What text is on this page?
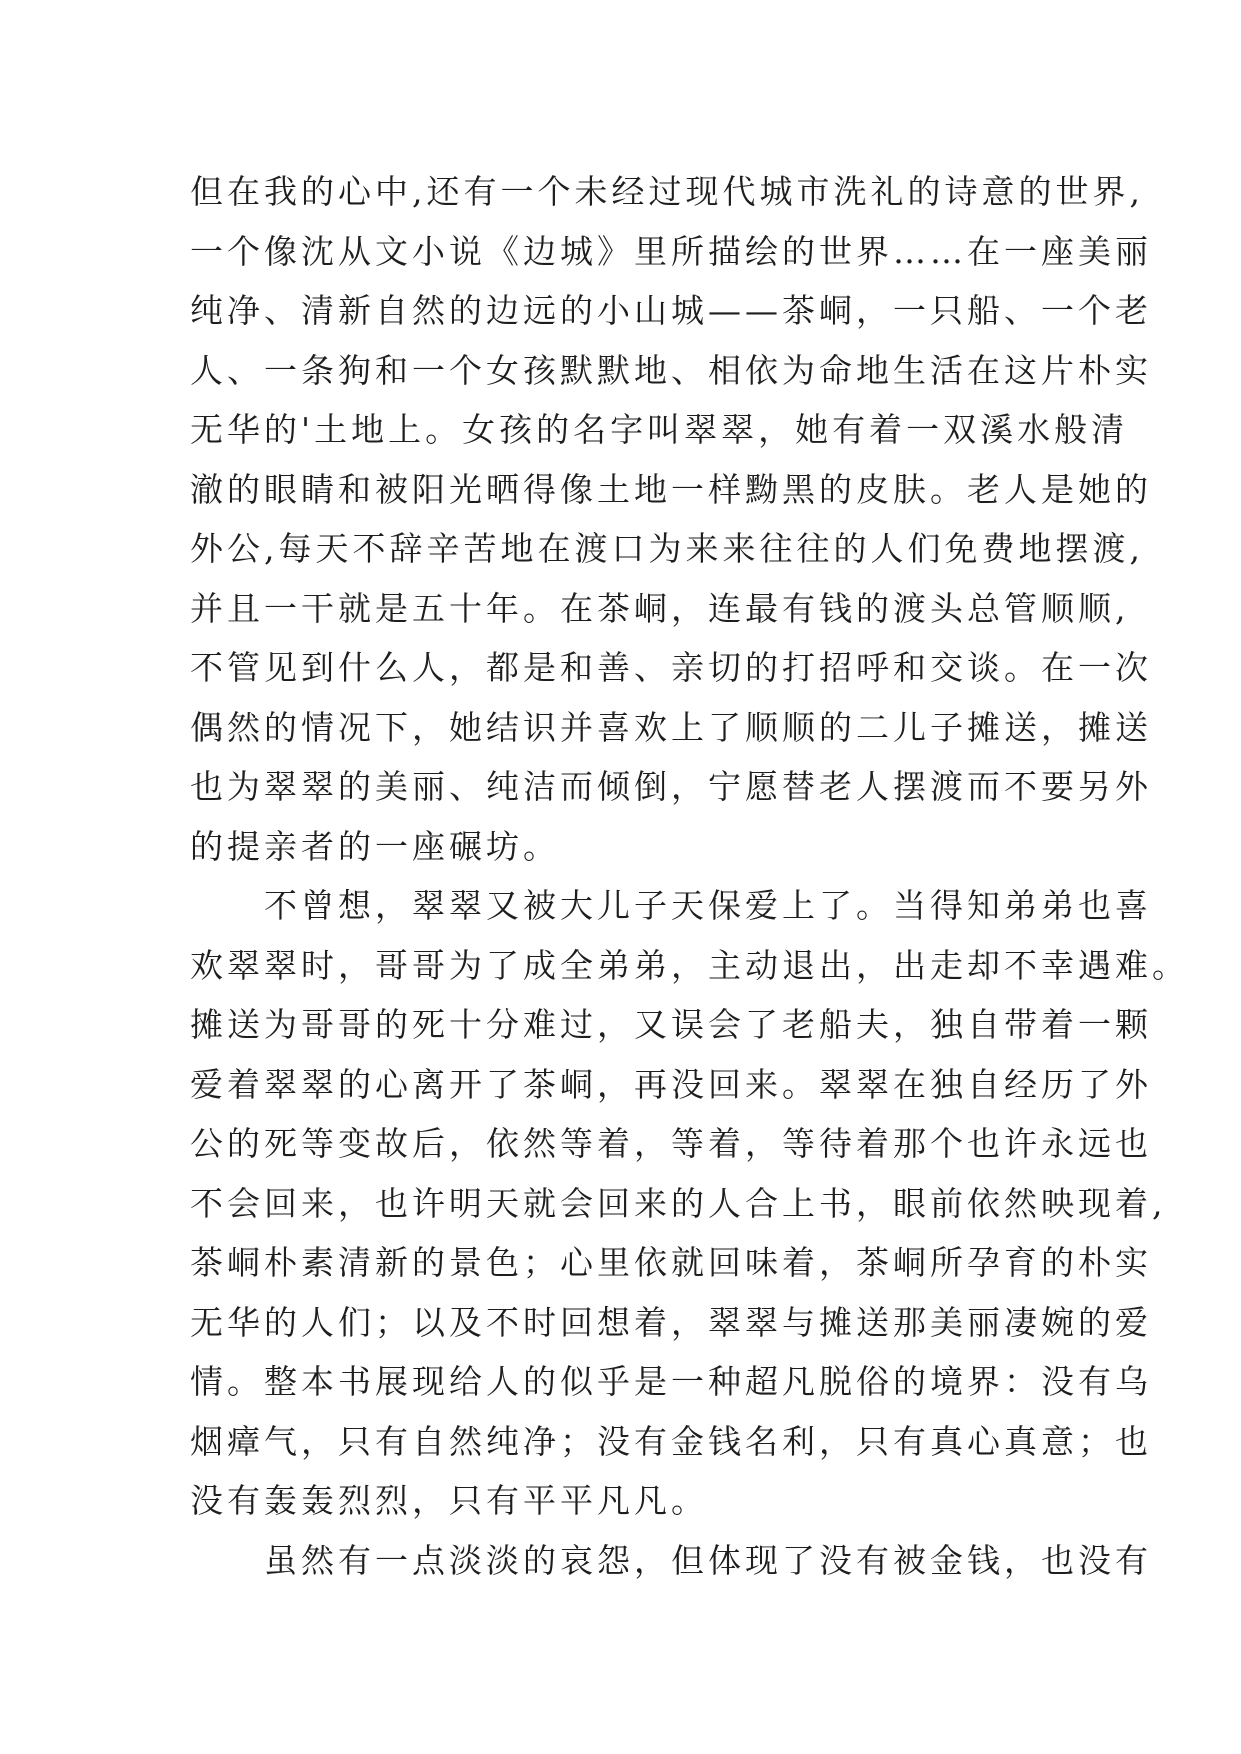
但在我的心中,还有一个未经过现代城市洗礼的诗意的世界,
一个像沈从文小说《边城》里所描绘的世界……在一座美丽
纯净、清新自然的边远的小山城——茶峒，一只船、一个老
人、一条狗和一个女孩默默地、相依为命地生活在这片朴实
无华的'土地上。女孩的名字叫翠翠，她有着一双溪水般清
澈的眼睛和被阳光晒得像土地一样黝黑的皮肤。老人是她的
外公,每天不辞辛苦地在渡口为来来往往的人们免费地摆渡,
并且一干就是五十年。在茶峒，连最有钱的渡头总管顺顺,
不管见到什么人，都是和善、亲切的打招呼和交谈。在一次
偶然的情况下，她结识并喜欢上了顺顺的二儿子摊送，摊送
也为翠翠的美丽、纯洁而倾倒，宁愿替老人摆渡而不要另外
的提亲者的一座碾坊。
　　不曾想，翠翠又被大儿子天保爱上了。当得知弟弟也喜
欢翠翠时，哥哥为了成全弟弟，主动退出，出走却不幸遇难。
摊送为哥哥的死十分难过，又误会了老船夫，独自带着一颗
爱着翠翠的心离开了茶峒，再没回来。翠翠在独自经历了外
公的死等变故后，依然等着，等着，等待着那个也许永远也
不会回来，也许明天就会回来的人合上书，眼前依然映现着,
茶峒朴素清新的景色；心里依就回味着，茶峒所孕育的朴实
无华的人们；以及不时回想着，翠翠与摊送那美丽凄婉的爱
情。整本书展现给人的似乎是一种超凡脱俗的境界：没有乌
烟瘴气，只有自然纯净；没有金钱名利，只有真心真意；也
没有轰轰烈烈，只有平平凡凡。
　　虽然有一点淡淡的哀怨，但体现了没有被金钱，也没有
